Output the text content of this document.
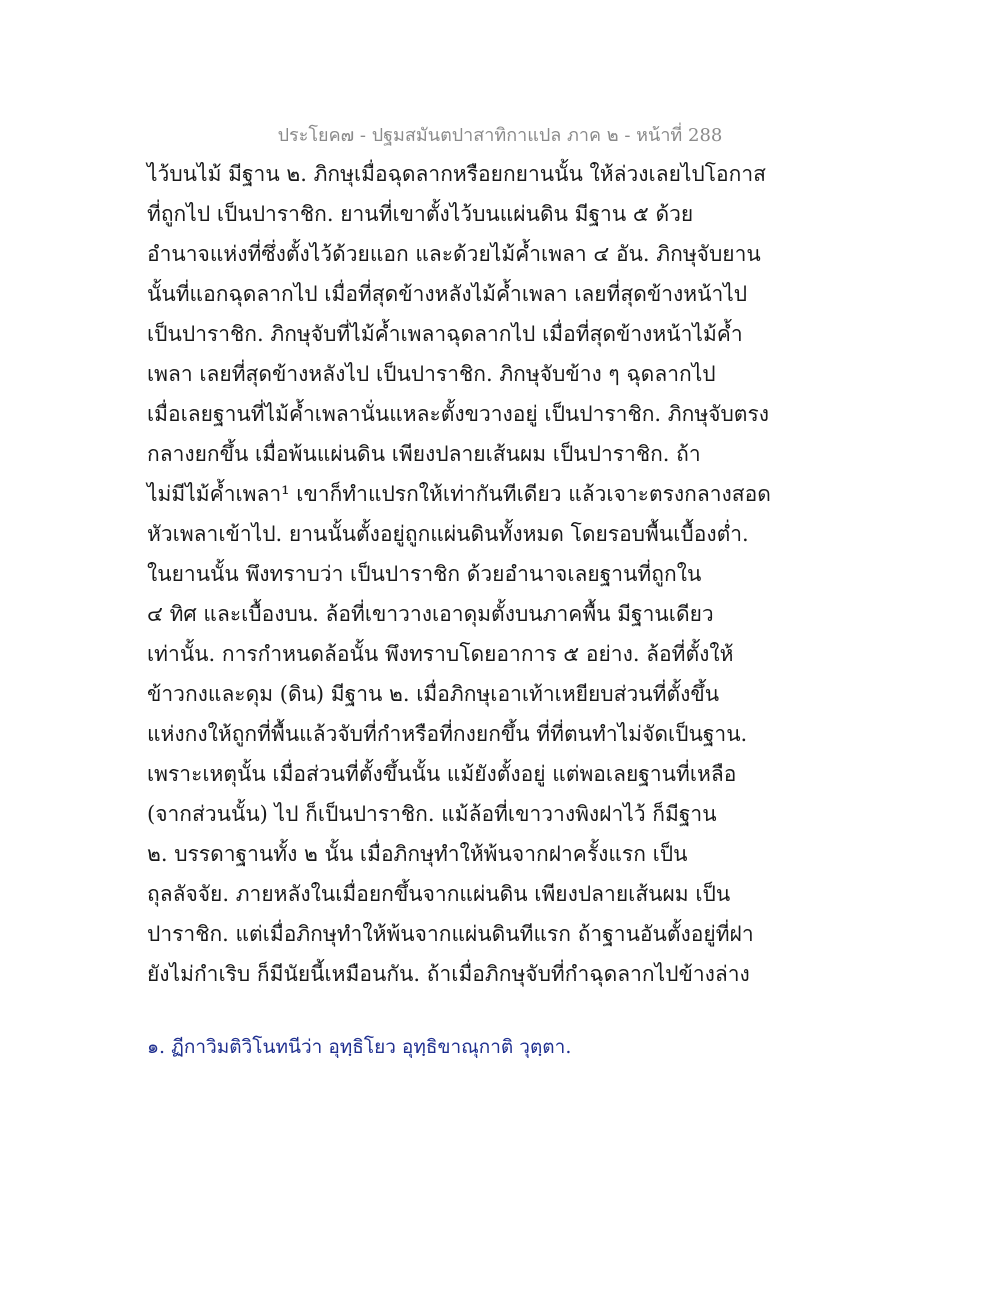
ประโยค๗ - ปฐมสมันตปาสาทิกาแปล ภาค ๒ - หน้าที่ 288
ไว้บนไม้ มีฐาน ๒. ภิกษุเมื่อฉุดลากหรือยกยานนั้น ให้ล่วงเลยไปโอกาส
ที่ถูกไป เป็นปาราชิก. ยานที่เขาตั้งไว้บนแผ่นดิน มีฐาน ๕ ด้วย
อำนาจแห่งที่ซึ่งตั้งไว้ด้วยแอก และด้วยไม้ค้ำเพลา ๔ อัน. ภิกษุจับยาน
นั้นที่แอกฉุดลากไป เมื่อที่สุดข้างหลังไม้ค้ำเพลา เลยที่สุดข้างหน้าไป
เป็นปาราชิก. ภิกษุจับที่ไม้ค้ำเพลาฉุดลากไป เมื่อที่สุดข้างหน้าไม้ค้ำ
เพลา เลยที่สุดข้างหลังไป เป็นปาราชิก. ภิกษุจับข้าง ๆ ฉุดลากไป
เมื่อเลยฐานที่ไม้ค้ำเพลานั่นแหละตั้งขวางอยู่ เป็นปาราชิก. ภิกษุจับตรง
กลางยกขึ้น เมื่อพ้นแผ่นดิน เพียงปลายเส้นผม เป็นปาราชิก. ถ้า
ไม่มีไม้ค้ำเพลา¹ เขาก็ทำแปรกให้เท่ากันทีเดียว แล้วเจาะตรงกลางสอด
หัวเพลาเข้าไป. ยานนั้นตั้งอยู่ถูกแผ่นดินทั้งหมด โดยรอบพื้นเบื้องต่ำ.
ในยานนั้น พึงทราบว่า เป็นปาราชิก ด้วยอำนาจเลยฐานที่ถูกใน
๔ ทิศ และเบื้องบน. ล้อที่เขาวางเอาดุมตั้งบนภาคพื้น มีฐานเดียว
เท่านั้น. การกำหนดล้อนั้น พึงทราบโดยอาการ ๕ อย่าง. ล้อที่ตั้งให้
ข้าวกงและดุม (ดิน) มีฐาน ๒. เมื่อภิกษุเอาเท้าเหยียบส่วนที่ตั้งขึ้น
แห่งกงให้ถูกที่พื้นแล้วจับที่กำหรือที่กงยกขึ้น ที่ที่ตนทำไม่จัดเป็นฐาน.
เพราะเหตุนั้น เมื่อส่วนที่ตั้งขึ้นนั้น แม้ยังตั้งอยู่ แต่พอเลยฐานที่เหลือ
(จากส่วนนั้น) ไป ก็เป็นปาราชิก. แม้ล้อที่เขาวางพิงฝาไว้ ก็มีฐาน
๒. บรรดาฐานทั้ง ๒ นั้น เมื่อภิกษุทำให้พ้นจากฝาครั้งแรก เป็น
ถุลลัจจัย. ภายหลังในเมื่อยกขึ้นจากแผ่นดิน เพียงปลายเส้นผม เป็น
ปาราชิก. แต่เมื่อภิกษุทำให้พ้นจากแผ่นดินทีแรก ถ้าฐานอันตั้งอยู่ที่ฝา
ยังไม่กำเริบ ก็มีนัยนี้เหมือนกัน. ถ้าเมื่อภิกษุจับที่กำฉุดลากไปข้างล่าง
๑. ฏีกาวิมติวิโนทนีว่า อุทฺธิโยว อุทฺธิขาณุกาติ วุตฺตา.
